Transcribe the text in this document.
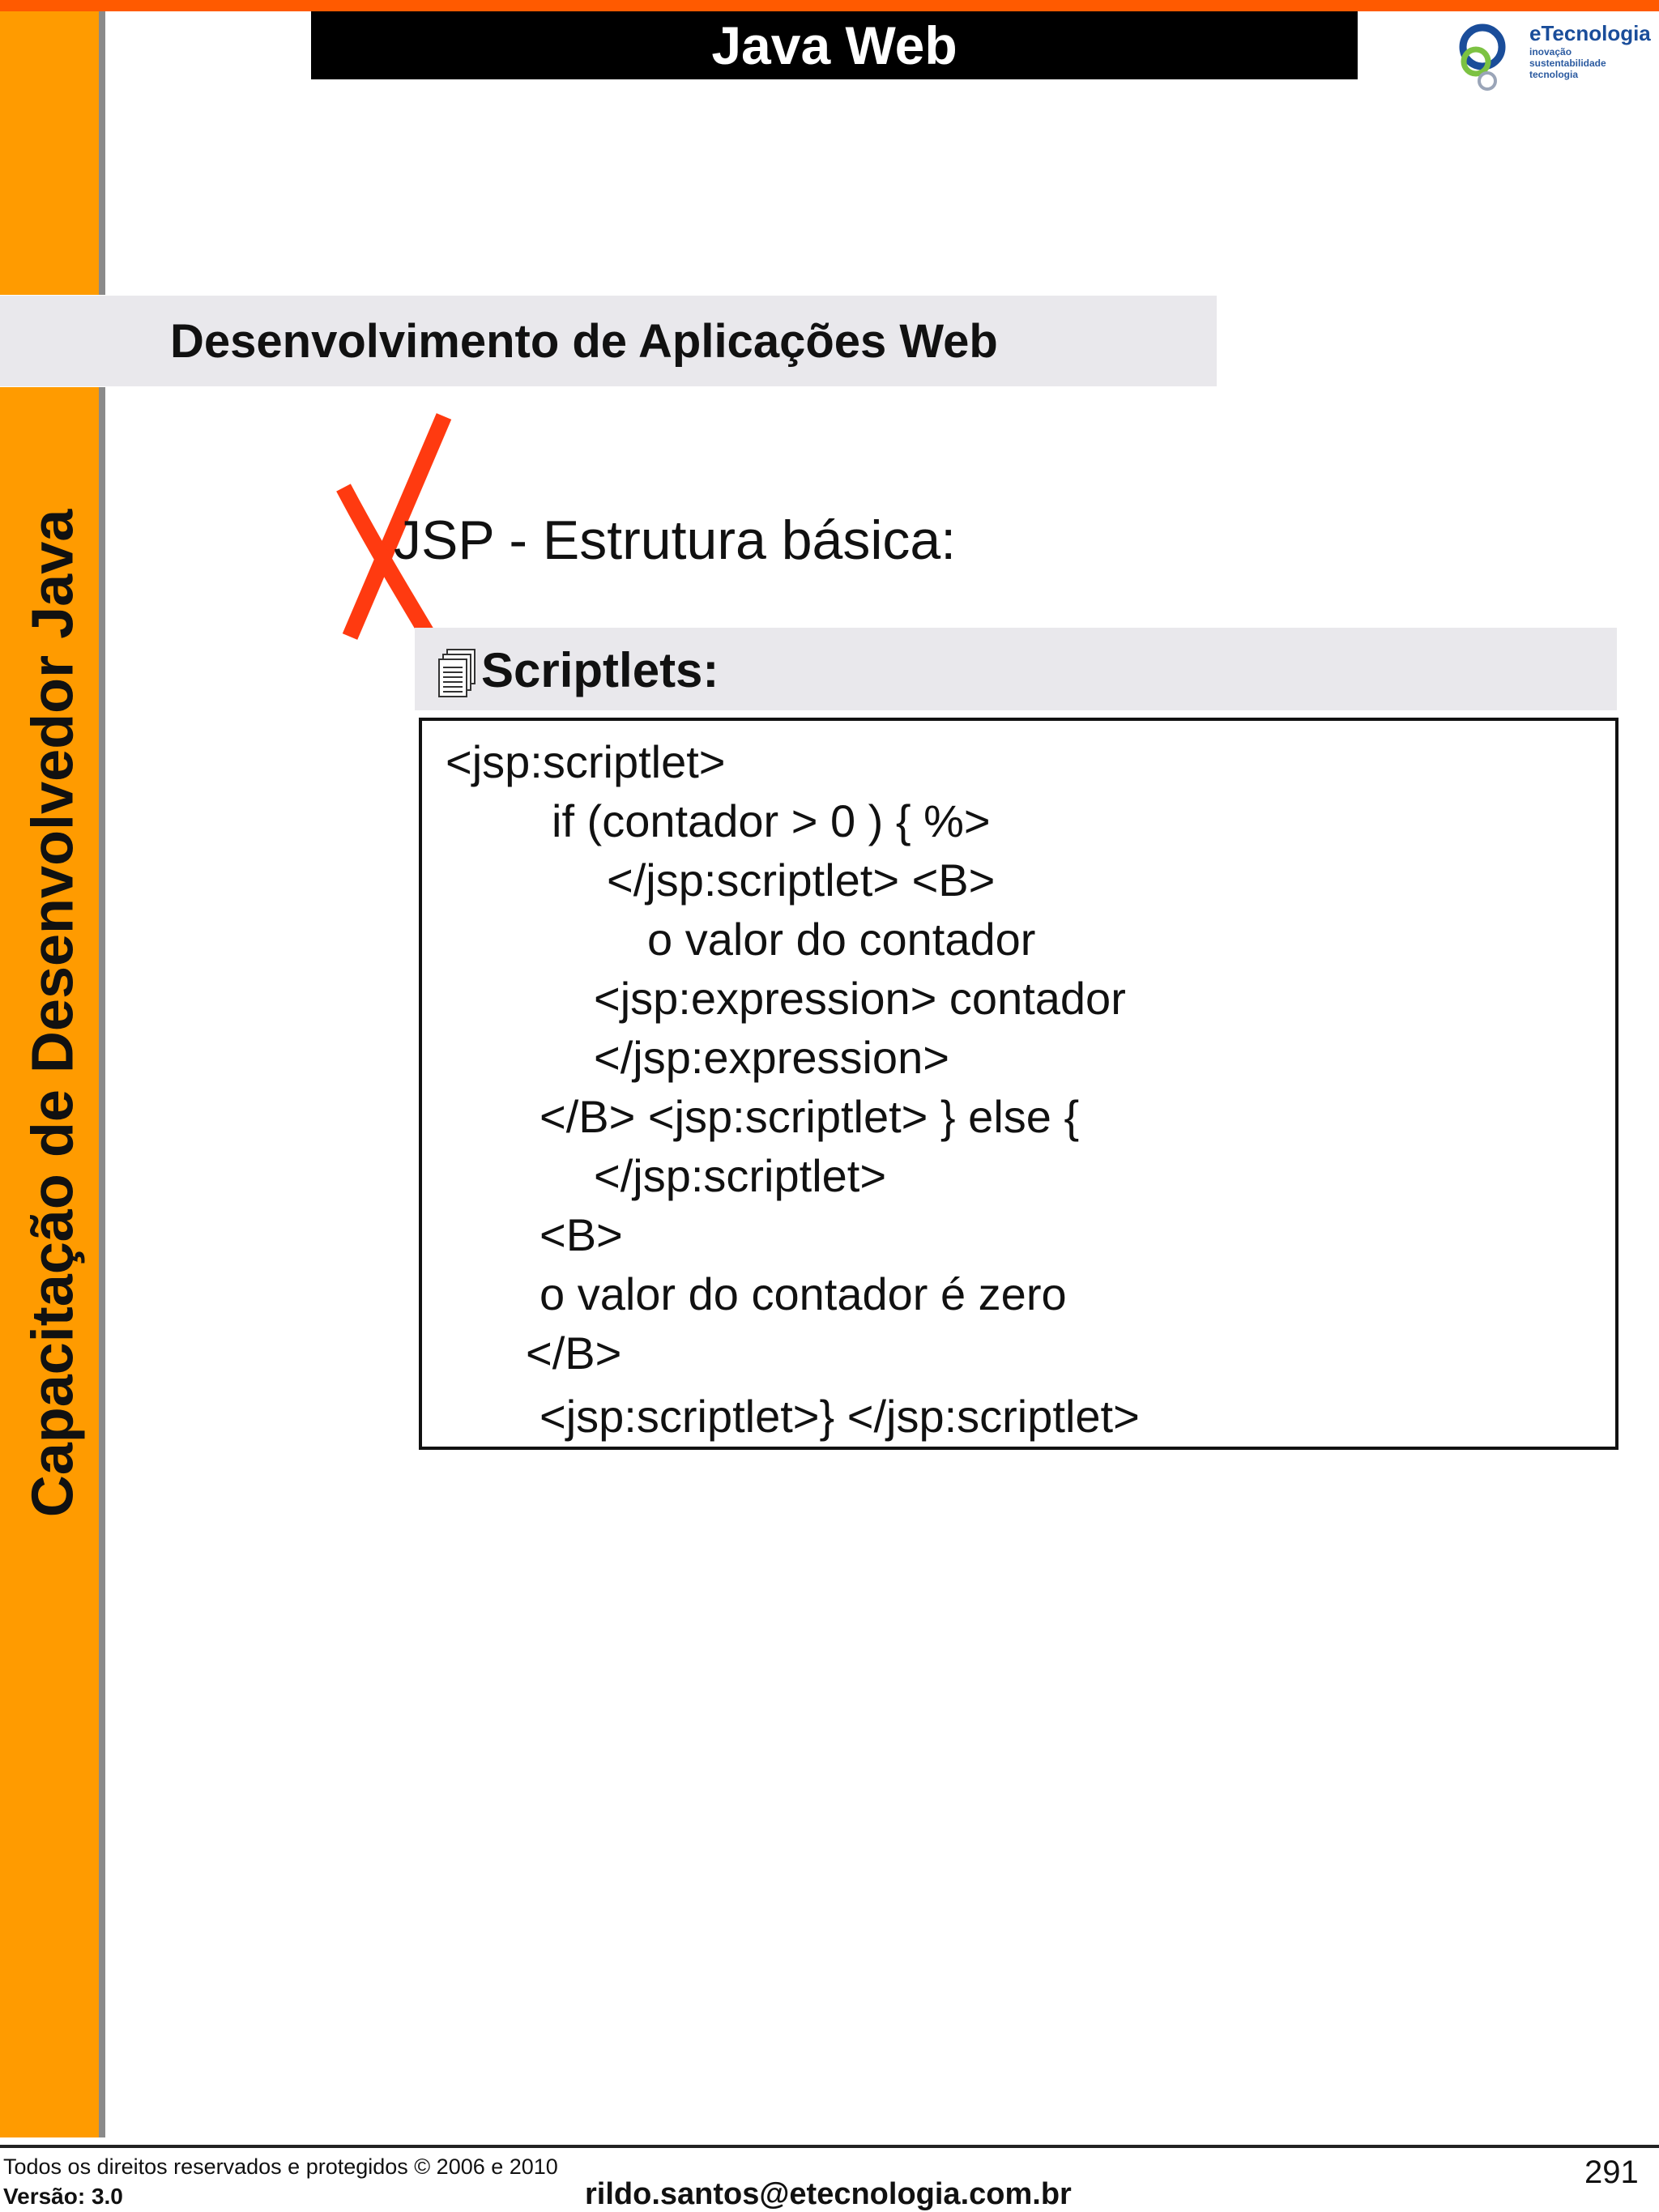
Capacitação de Desenvolvedor Java
Java Web	eTecnologia
inovação
sustentabilidade
tecnologia
Desenvolvimento de Aplicações Web
JSP - Estrutura básica:
Scriptlets:
<jsp:scriptlet>
if (contador > 0 ) { %>
</jsp:scriptlet> <B>
o valor do contador
<jsp:expression> contador
</jsp:expression>
</B> <jsp:scriptlet> } else {
</jsp:scriptlet>
<B>
o valor do contador é zero
</B>
<jsp:scriptlet>} </jsp:scriptlet>
Todos os direitos reservados e protegidos © 2006 e 2010
Versão: 3.0	rildo.santos@etecnologia.com.br
291
